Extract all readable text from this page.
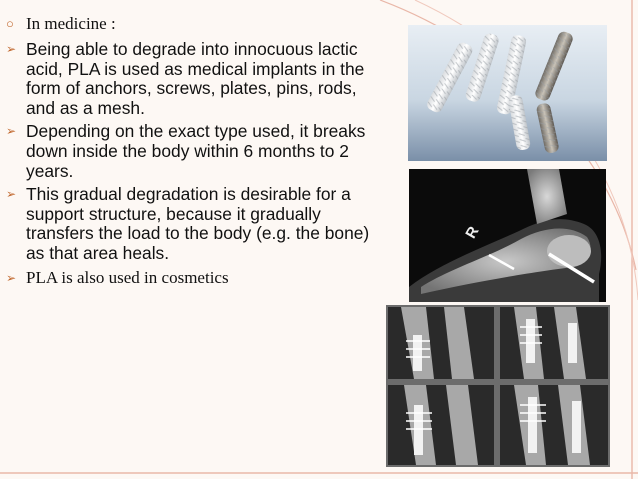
○ In medicine :
➢ Being able to degrade into innocuous lactic acid, PLA is used as medical implants in the form of anchors, screws, plates, pins, rods, and as a mesh.
➢ Depending on the exact type used, it breaks down inside the body within 6 months to 2 years.
➢ This gradual degradation is desirable for a support structure, because it gradually transfers the load to the body (e.g. the bone) as that area heals.
➢ PLA is also used in cosmetics
R
